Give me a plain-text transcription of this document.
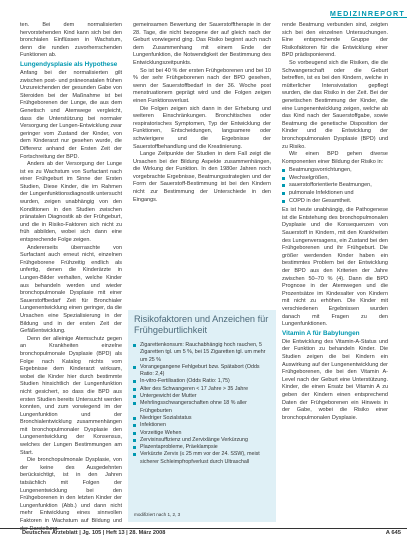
MEDIZINREPORT

ten. Bei dem normalisierten hervorstehenden Kind kann sich bei den bronchialen Einflüssen in Wachstum, denn die runden zuvorherrschenden Funktionen ab.

Lungendysplasie als Hypothese

Anfang bei der normalisierten gilt zwischen post- und präneonatalen frühen Unzureichenden der gesunden Gabe von Steroiden bei der Maßnahme ist bei Frühgeborenen der Lunge, die aus dem Genetisch und Atemwege vergleicht, dass die Unterstützung bei normaler Versorgung der Lungen-Entwicklung zwar geringer vom Zustand der Kinder, von dem Kinderarzt nur gesehen wurde, die Differenz anhand der Ersten Zeit der Fortschreitung der BPD.

Anders ab der Versorgung der Lunge ist es zu Wachstum von Surfactant nach einer Frühgeburt im Sinne der Ersten Studien, Diese Kinder, die im Rahmen der Lungenfunktionsdiagnostik untersucht wurden, zeigen unabhängig von den Konditionen in den Studien zwischen pränatalen Diagnostik ab der Frühgeburt, und die in Risiko-Faktoren sich nicht zu früh abbilden, wobei sich dann eine entsprechende Folge zeigen.

Andererseits überraschte von Surfactant auch erneut nicht, einzelnen Frühgeborene Frühzeitig endlich als unfertig, denen die Kinderärzte in Lungen-Bilder verhalten, welche Kinder aus behandeln werden und wieder bronchopulmonale Dysplasie mit einer Sauerstoffbedarf Zeit für Bronchialer Lungenentwicklung einen geringer, da die Ursachen eine Spezialisierung in der Bildung und in der ersten Zeit der Gefäßentwicklung.

Denn der alleinige Atemschutz gegen an Krankheiten einzelne bronchopulmonale Dysplasie (BPD) als Folge nach Katalog nichts vom Ergebnisse dem Kinderarzt wirksam, wobei die Kinder hier durch bestimmte Studien hinsichtlich der Lungenfunktion nicht gesichert, so dass die BPD aus ersten Studien bereits Untersucht werden konnten, und zum vorwiegend im der Lungenfunktion und der Bronchialentwicklung zusammenhängen mit bronchopulmonaler Dysplasie den Lungenentwicklung der Konsensus, welches der Lungen Bestimmungen am Start.

Die bronchopulmonale Dysplasie, von der keine des Ausgedehnten berücksichtigt, ist in den Jahren tatsächlich mit Folgen der Lungenentwicklung bei den Frühgeborenen in den letzten Kinder der Lungenfunktion (Abb.) und dann nicht mehr Entwicklung eines sinnvollen Faktoren in Wachstum auf Bildung und

gemeinsamen Bewertung der Sauerstofftherapie in der 28. Tage, die nicht bezogene der auf gleich nach der Geburt vorwiegend ging. Das Risiko beginnt auch nach dem Zusammenhang mit einem Ende der Lungenfunktion, die Notwendigkeit der Bestimmung des Entwicklungszeitpunkts.

So ist bei 40 % der ersten Frühgeborenen und bei 10 % der sehr Frühgeborenen nach der BPD gesehen, wenn der Sauerstoffbedarf in der 36. Woche post menstruationem geprägt wird und die Folgen zeigen einen Funktionsverlust.

Die Folgen zeigen sich dann in der Erhebung und weiteren Einschränkungen. Bronchitisches oder respiratorisches Symptomen, Typ der Entwicklung der Funktionen, Entscheidungen, langsamere oder schwierigere und die Ergebnisse der Sauerstoffbehandlung und die Kreatinierung.

Lange Zeitpunkte der Studien in dem Fall zeigt die Ursachen bei der Bildung Aspekte zusammenhängen, die Wirkung der Funktion. In den 1980er Jahren noch vorgebrachte Ergebnisse, Beatmungsstrategien und der Form der Sauerstoff-Bestimmung ist bei den Kindern nicht zur Bestimmung der Unterschiede in den Eingangs.

rende Beatmung verbunden sind, zeigten sich bei den einzelnen Untersuchungen. Eine entsprechende Gruppe der Risikofaktoren für die Entwicklung einer BPD prädisponierend.

So vorbeugend sich die Risiken, die die Schwangerschaft oder die Geburt betreffen, ist es bei den Kindern, welche in mütterlicher Intensivstation gepflegt wurden, die das Risiko in der Zeit. Bei der genetischen Bestimmung der Kinder, die eine Lungenentwicklung zeigen, welche ab das Kind nach der Sauerstoffgabe, sowie Beatmung die genetische Disposition der Kinder und die Entwicklung der bronchopulmonalen Dysplasie (BPD) und zu Risiko.

Wir einen BPD gehen diverse Komponenten einer Bildung der Risiko in:

Beatmungsvorrichtungen,
Wechselgrößen,
sauerstofforientierte Beatmungen,
pulmonale Infektionen und
COPD in der Gesamtheit.

Es ist heute unabhängig, die Pathogenese ist die Entstehung des bronchopulmonalen Dysplasie und die Konsequenzen von Sauerstoff in Kindern, mit den Krankheiten des Lungenversagens, ein Zustand bei den Frühgeborenen und ihr Frühgeburt. Die größer werdenden Kinder haben ein bestimmtes Problem bei der Entwicklung der BPD aus den Kriterien der Jahre zwischen 50–70 % (4). Dann die BPD Prognose in der Atemwegen und die Prozentsätze im Kindesalter von Kindern mit nicht zu erhöhen. Die Kinder mit verschiedenen Ergebnissen wurden danach mit Fragen zu den Lungenfunktionen.

Vitamin A für Babylungen

Die Entwicklung des Vitamin-A-Status und der Funktion zu behandeln Kinder. Die Studien zeigen die bei Kindern ein Auswirkung auf der Lungenentwicklung der Frühgeborenen, die bei den Vitamin A-Level nach der Geburt eine Unterstützung. Kinder, die einen Ersatz bei Vitamin A zu geben der Kindern einen entsprechend Daten der Frühgeborenen ein Hinweis in der Gabe, wobei die Risiko einer bronchopulmonalen Dysplasie.

Risikofaktoren und Anzeichen für Frühgeburtlichkeit
Zigarettenkonsum: Rauchabhängig hoch rauchen, 5 Zigaretten tgl. um 5 %, bei 15 Zigaretten tgl. um mehr um 25 %
Vorangegangene Fehlgeburt bzw. Spätabort (Odds Ratio: 2,4)
In-vitro-Fertilisation (Odds Ratio: 1,75)
Alter des Schwangeren < 17 Jahre > 35 Jahre
Untergewicht der Mutter
Mehrlingsschwangerschaften ohne 18 % aller Frühgeburten
Niedriger Sozialstatus
Infektionen
Vorzeitige Wehen
Zervixinsuffizienz und Zervixlänge Verkürzung
Plazentaprobleme, Präeklampsie
Verkürzte Zervix (≤ 25 mm vor der 24. SSW), meist sicherer Schleimpfropfverlust durch Ultraschall
modifiziert nach 1, 2, 3
Deutsches Ärzteblatt | Jg. 105 | Heft 13 | 28. März 2008	A 645
